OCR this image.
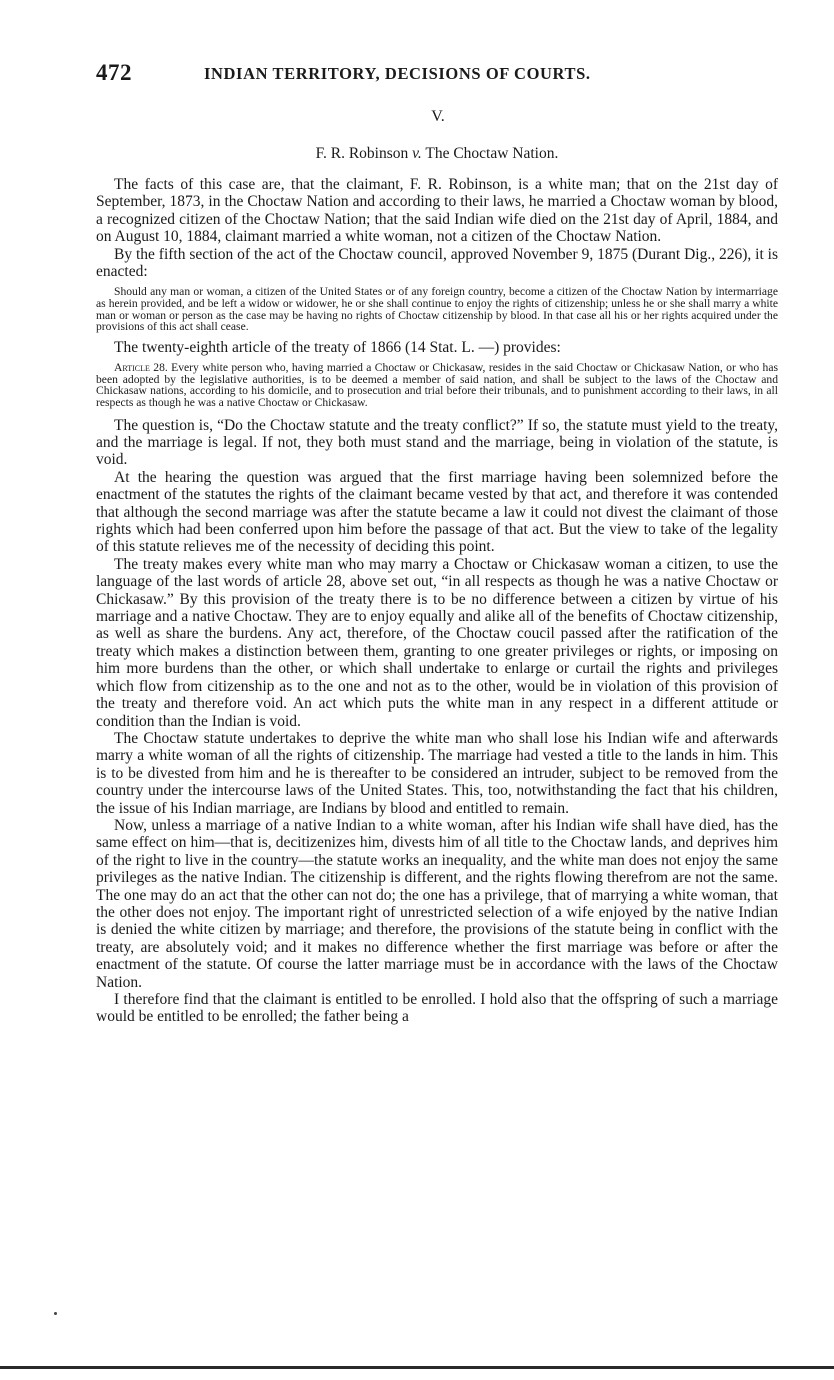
472	INDIAN TERRITORY, DECISIONS OF COURTS.
V.
F. R. Robinson v. The Choctaw Nation.

The facts of this case are, that the claimant, F. R. Robinson, is a white man; that on the 21st day of September, 1873, in the Choctaw Nation and according to their laws, he married a Choctaw woman by blood, a recognized citizen of the Choctaw Nation; that the said Indian wife died on the 21st day of April, 1884, and on August 10, 1884, claimant married a white woman, not a citizen of the Choctaw Nation.

By the fifth section of the act of the Choctaw council, approved November 9, 1875 (Durant Dig., 226), it is enacted:

Should any man or woman, a citizen of the United States or of any foreign country, become a citizen of the Choctaw Nation by intermarriage as herein provided, and be left a widow or widower, he or she shall continue to enjoy the rights of citizenship; unless he or she shall marry a white man or woman or person as the case may be having no rights of Choctaw citizenship by blood. In that case all his or her rights acquired under the provisions of this act shall cease.

The twenty-eighth article of the treaty of 1866 (14 Stat. L. —) provides:

Article 28. Every white person who, having married a Choctaw or Chickasaw, resides in the said Choctaw or Chickasaw Nation, or who has been adopted by the legislative authorities, is to be deemed a member of said nation, and shall be subject to the laws of the Choctaw and Chickasaw nations, according to his domicile, and to prosecution and trial before their tribunals, and to punishment according to their laws, in all respects as though he was a native Choctaw or Chickasaw.

The question is, “Do the Choctaw statute and the treaty conflict?” If so, the statute must yield to the treaty, and the marriage is legal. If not, they both must stand and the marriage, being in violation of the statute, is void.

At the hearing the question was argued that the first marriage having been solemnized before the enactment of the statutes the rights of the claimant became vested by that act, and therefore it was contended that although the second marriage was after the statute became a law it could not divest the claimant of those rights which had been conferred upon him before the passage of that act. But the view to take of the legality of this statute relieves me of the necessity of deciding this point.

The treaty makes every white man who may marry a Choctaw or Chickasaw woman a citizen, to use the language of the last words of article 28, above set out, “in all respects as though he was a native Choctaw or Chickasaw.” By this provision of the treaty there is to be no difference between a citizen by virtue of his marriage and a native Choctaw. They are to enjoy equally and alike all of the benefits of Choctaw citizenship, as well as share the burdens. Any act, therefore, of the Choctaw coucil passed after the ratification of the treaty which makes a distinction between them, granting to one greater privileges or rights, or imposing on him more burdens than the other, or which shall undertake to enlarge or curtail the rights and privileges which flow from citizenship as to the one and not as to the other, would be in violation of this provision of the treaty and therefore void. An act which puts the white man in any respect in a different attitude or condition than the Indian is void.

The Choctaw statute undertakes to deprive the white man who shall lose his Indian wife and afterwards marry a white woman of all the rights of citizenship. The marriage had vested a title to the lands in him. This is to be divested from him and he is thereafter to be considered an intruder, subject to be removed from the country under the intercourse laws of the United States. This, too, notwithstanding the fact that his children, the issue of his Indian marriage, are Indians by blood and entitled to remain.

Now, unless a marriage of a native Indian to a white woman, after his Indian wife shall have died, has the same effect on him—that is, decitizenizes him, divests him of all title to the Choctaw lands, and deprives him of the right to live in the country—the statute works an inequality, and the white man does not enjoy the same privileges as the native Indian. The citizenship is different, and the rights flowing therefrom are not the same. The one may do an act that the other can not do; the one has a privilege, that of marrying a white woman, that the other does not enjoy. The important right of unrestricted selection of a wife enjoyed by the native Indian is denied the white citizen by marriage; and therefore, the provisions of the statute being in conflict with the treaty, are absolutely void; and it makes no difference whether the first marriage was before or after the enactment of the statute. Of course the latter marriage must be in accordance with the laws of the Choctaw Nation.

I therefore find that the claimant is entitled to be enrolled. I hold also that the offspring of such a marriage would be entitled to be enrolled; the father being a
